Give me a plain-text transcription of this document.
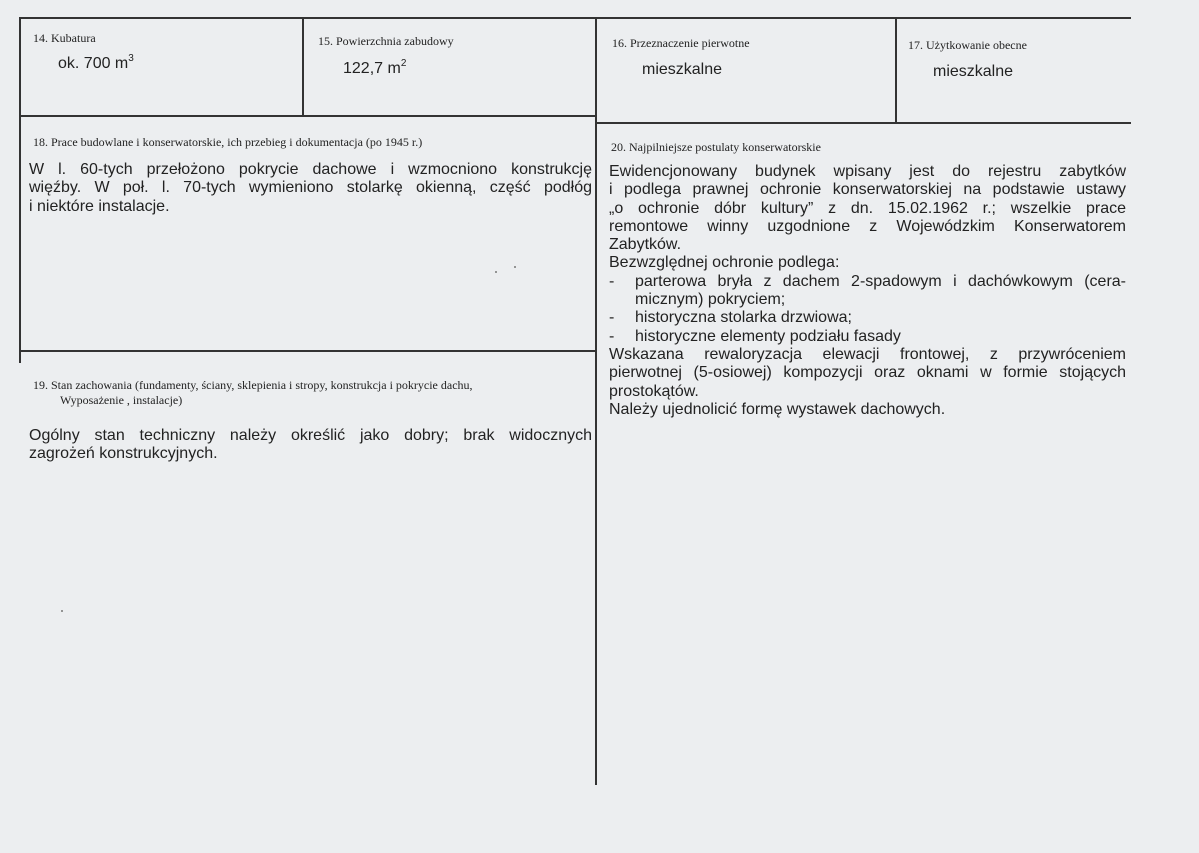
14. Kubatura
ok. 700 $m^3$
15. Powierzchnia zabudowy
122,7 $m^2$
16. Przeznaczenie pierwotne
mieszkalne
17. Użytkowanie obecne
mieszkalne
18. Prace budowlane i konserwatorskie, ich przebieg i dokumentacja (po 1945 r.)
W l. 60-tych przełożono pokrycie dachowe i wzmocniono konstrukcję
więźby. W poł. l. 70-tych wymieniono stolarkę okienną, część podłóg
i niektóre instalacje.
19. Stan zachowania (fundamenty, ściany, sklepienia i stropy, konstrukcja i pokrycie dachu,
Wyposażenie , instalacje)
Ogólny stan techniczny należy określić jako dobry; brak widocznych
zagrożeń konstrukcyjnych.
20. Najpilniejsze postulaty konserwatorskie
Ewidencjonowany budynek wpisany jest do rejestru zabytków
i podlega prawnej ochronie konserwatorskiej na podstawie ustawy
„o ochronie dóbr kultury” z dn. 15.02.1962 r.; wszelkie prace
remontowe winny uzgodnione z Wojewódzkim Konserwatorem
Zabytków.
Bezwzględnej ochronie podlega:
- parterowa bryła z dachem 2-spadowym i dachówkowym (cera-
micznym) pokryciem;
- historyczna stolarka drzwiowa;
- historyczne elementy podziału fasady
Wskazana rewaloryzacja elewacji frontowej, z przywróceniem
pierwotnej (5-osiowej) kompozycji oraz oknami w formie stojących
prostokątów.
Należy ujednolicić formę wystawek dachowych.
